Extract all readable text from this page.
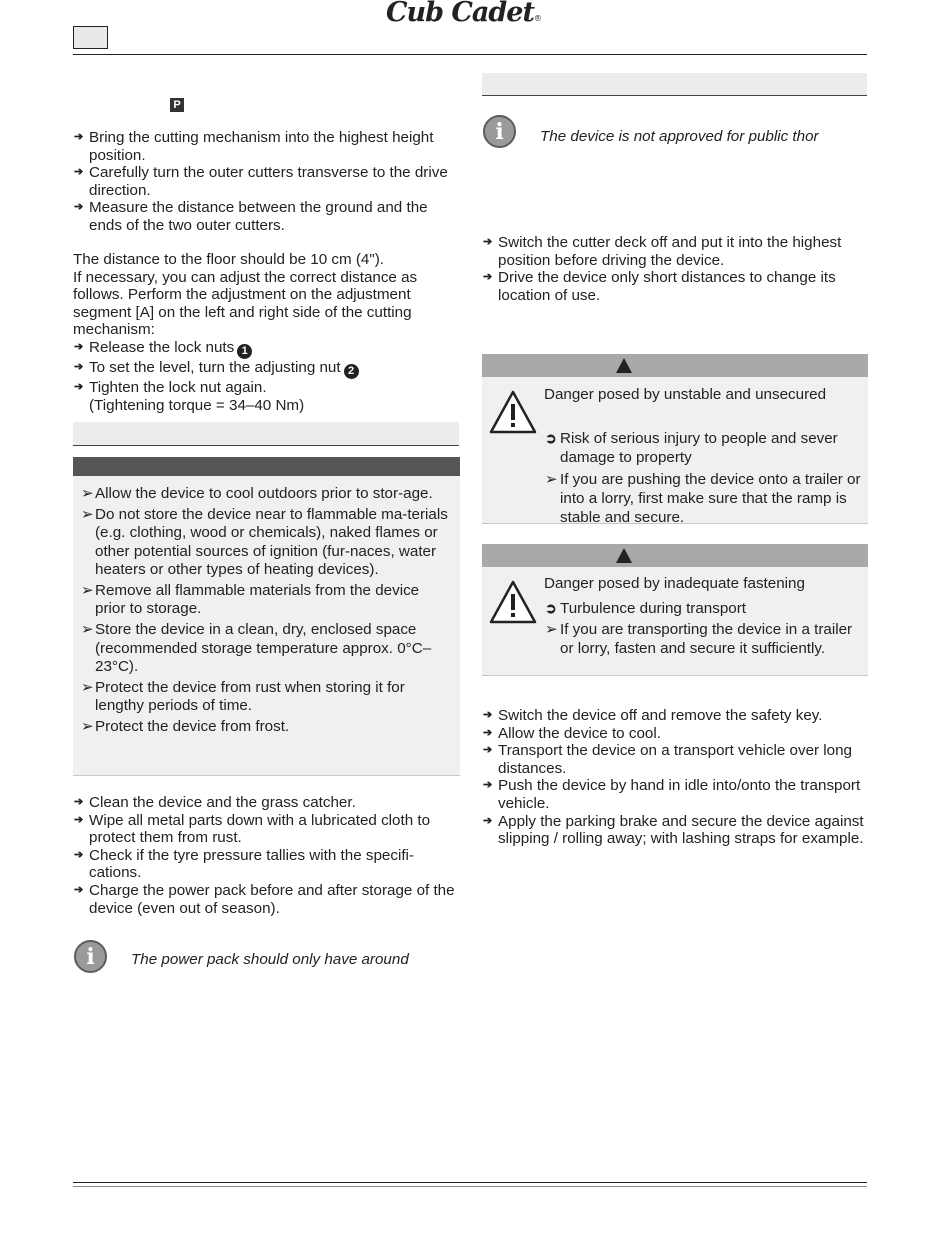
Cub Cadet®
P
➔ Bring the cutting mechanism into the highest height position.
➔ Carefully turn the outer cutters transverse to the drive direction.
➔ Measure the distance between the ground and the ends of the two outer cutters.
The distance to the floor should be 10 cm (4").
If necessary, you can adjust the correct distance as follows. Perform the adjustment on the adjustment segment [A] on the left and right side of the cutting mechanism:
➔ Release the lock nuts 1
➔ To set the level, turn the adjusting nut 2
➔ Tighten the lock nut again.
(Tightening torque = 34–40 Nm)
➢ Allow the device to cool outdoors prior to stor-age.
➢ Do not store the device near to flammable ma-terials (e.g. clothing, wood or chemicals), naked flames or other potential sources of ignition (fur-naces, water heaters or other types of heating devices).
➢ Remove all flammable materials from the device prior to storage.
➢ Store the device in a clean, dry, enclosed space (recommended storage temperature approx. 0°C–23°C).
➢ Protect the device from rust when storing it for lengthy periods of time.
➢ Protect the device from frost.
➔ Clean the device and the grass catcher.
➔ Wipe all metal parts down with a lubricated cloth to protect them from rust.
➔ Check if the tyre pressure tallies with the specifi-cations.
➔ Charge the power pack before and after storage of the device (even out of season).
i	The power pack should only have around
i	The device is not approved for public thor
➔ Switch the cutter deck off and put it into the highest position before driving the device.
➔ Drive the device only short distances to change its location of use.
Danger posed by unstable and unsecured
➲ Risk of serious injury to people and sever damage to property
➢ If you are pushing the device onto a trailer or into a lorry, first make sure that the ramp is stable and secure.
Danger posed by inadequate fastening
➲ Turbulence during transport
➢ If you are transporting the device in a trailer or lorry, fasten and secure it sufficiently.
➔ Switch the device off and remove the safety key.
➔ Allow the device to cool.
➔ Transport the device on a transport vehicle over long distances.
➔ Push the device by hand in idle into/onto the transport vehicle.
➔ Apply the parking brake and secure the device against slipping / rolling away; with lashing straps for example.
